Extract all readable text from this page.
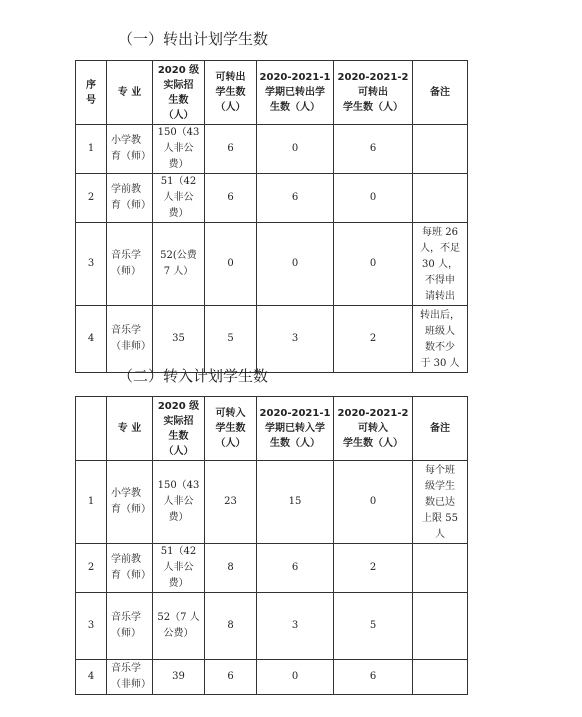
（一）转出计划学生数
序
号	专 业	2020 级
实际招
生数
（人）	可转出
学生数
（人）	2020-2021-1
学期已转出学
生数（人）	2020-2021-2
可转出
学生数（人）	备注
1	小学教
育（师）	150（43
人非公
费）	6	0	6	
2	学前教
育（师）	51（42
人非公
费）	6	6	0	
3	音乐学
（师）	52(公费
7 人）	0	0	0	每班 26
人，不足
30 人，
不得申
请转出
4	音乐学
（非师）	35	5	3	2	转出后，
班级人
数不少
于 30 人
（二）转入计划学生数
	专 业	2020 级
实际招
生数
（人）	可转入
学生数
（人）	2020-2021-1
学期已转入学
生数（人）	2020-2021-2
可转入
学生数（人）	备注
1	小学教
育（师）	150（43
人非公
费）	23	15	0	每个班
级学生
数已达
上限 55
人
2	学前教
育（师）	51（42
人非公
费）	8	6	2	
3	音乐学
（师）	52（7 人
公费）	8	3	5	
4	音乐学
（非师）	39	6	0	6	
